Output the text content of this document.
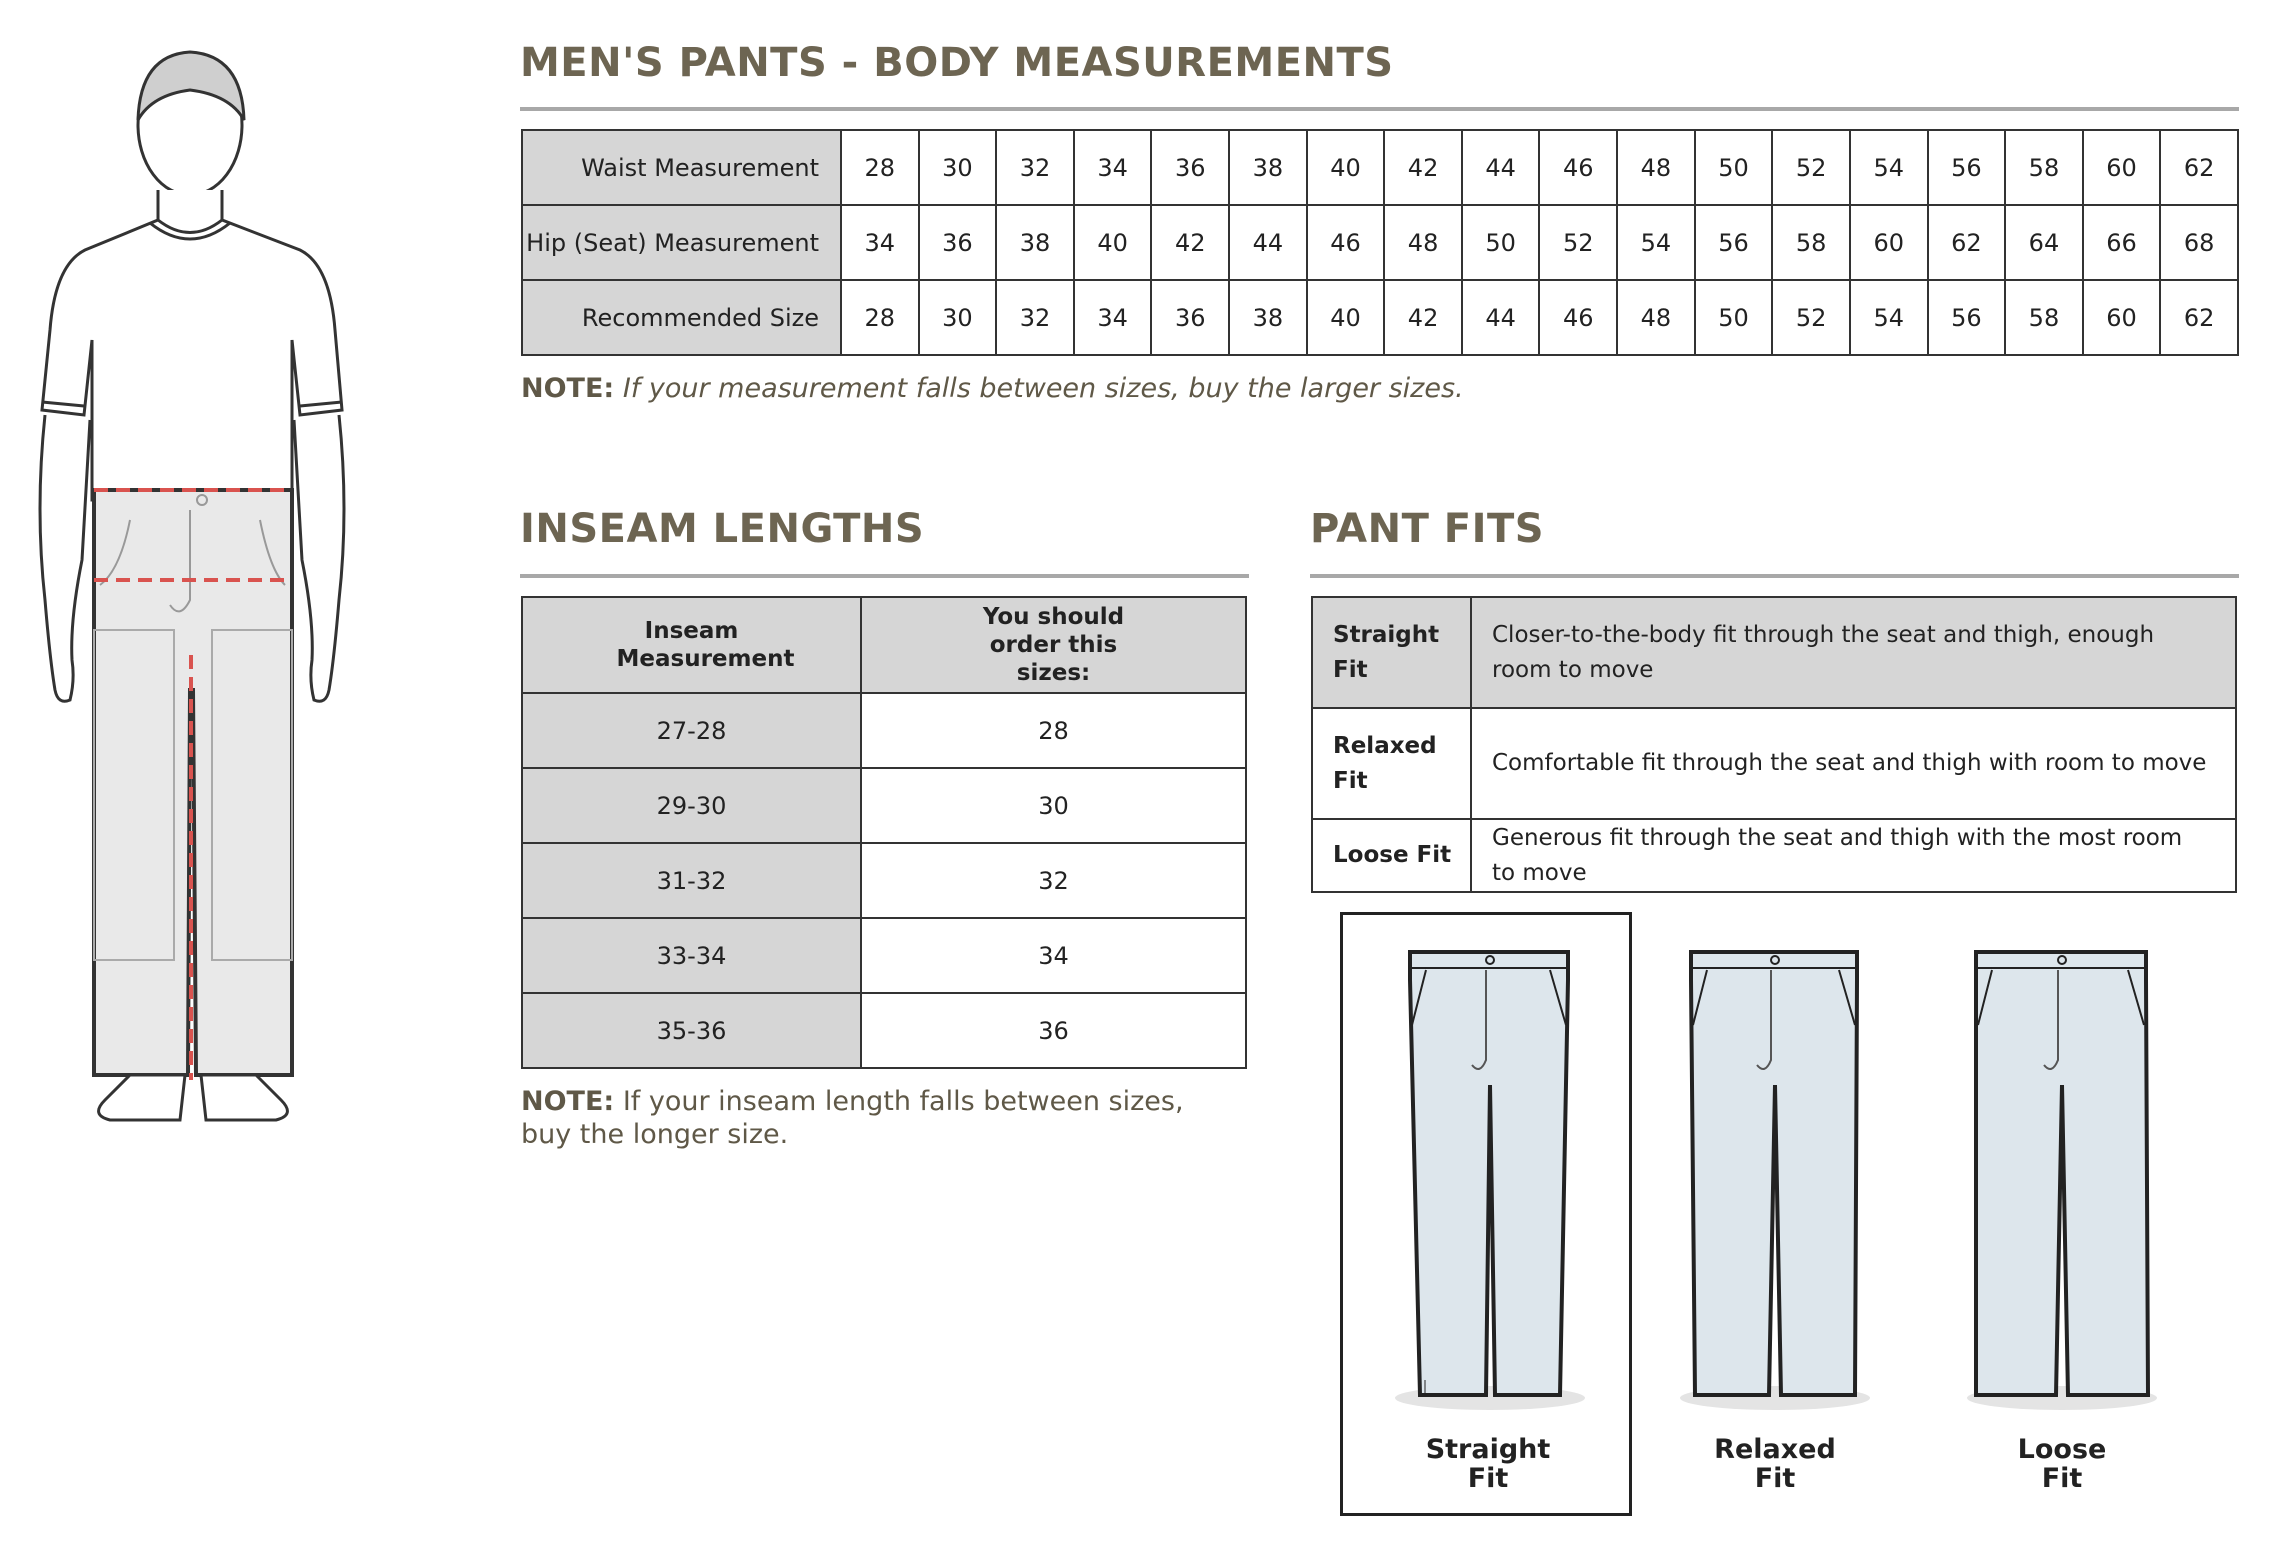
MEN'S PANTS - BODY MEASUREMENTS
Waist Measurement	28	30	32	34	36	38	40	42	44	46	48	50	52	54	56	58	60	62
Hip (Seat) Measurement	34	36	38	40	42	44	46	48	50	52	54	56	58	60	62	64	66	68
Recommended Size	28	30	32	34	36	38	40	42	44	46	48	50	52	54	56	58	60	62
NOTE: If your measurement falls between sizes, buy the larger sizes.
INSEAM LENGTHS
Inseam Measurement	You should order this sizes:
27-28	28
29-30	30
31-32	32
33-34	34
35-36	36
NOTE: If your inseam length falls between sizes, buy the longer size.
PANT FITS
Straight Fit	Closer-to-the-body fit through the seat and thigh, enough room to move
Relaxed Fit	Comfortable fit through the seat and thigh with room to move
Loose Fit	Generous fit through the seat and thigh with the most room to move
Straight
Fit
Relaxed
Fit
Loose
Fit
